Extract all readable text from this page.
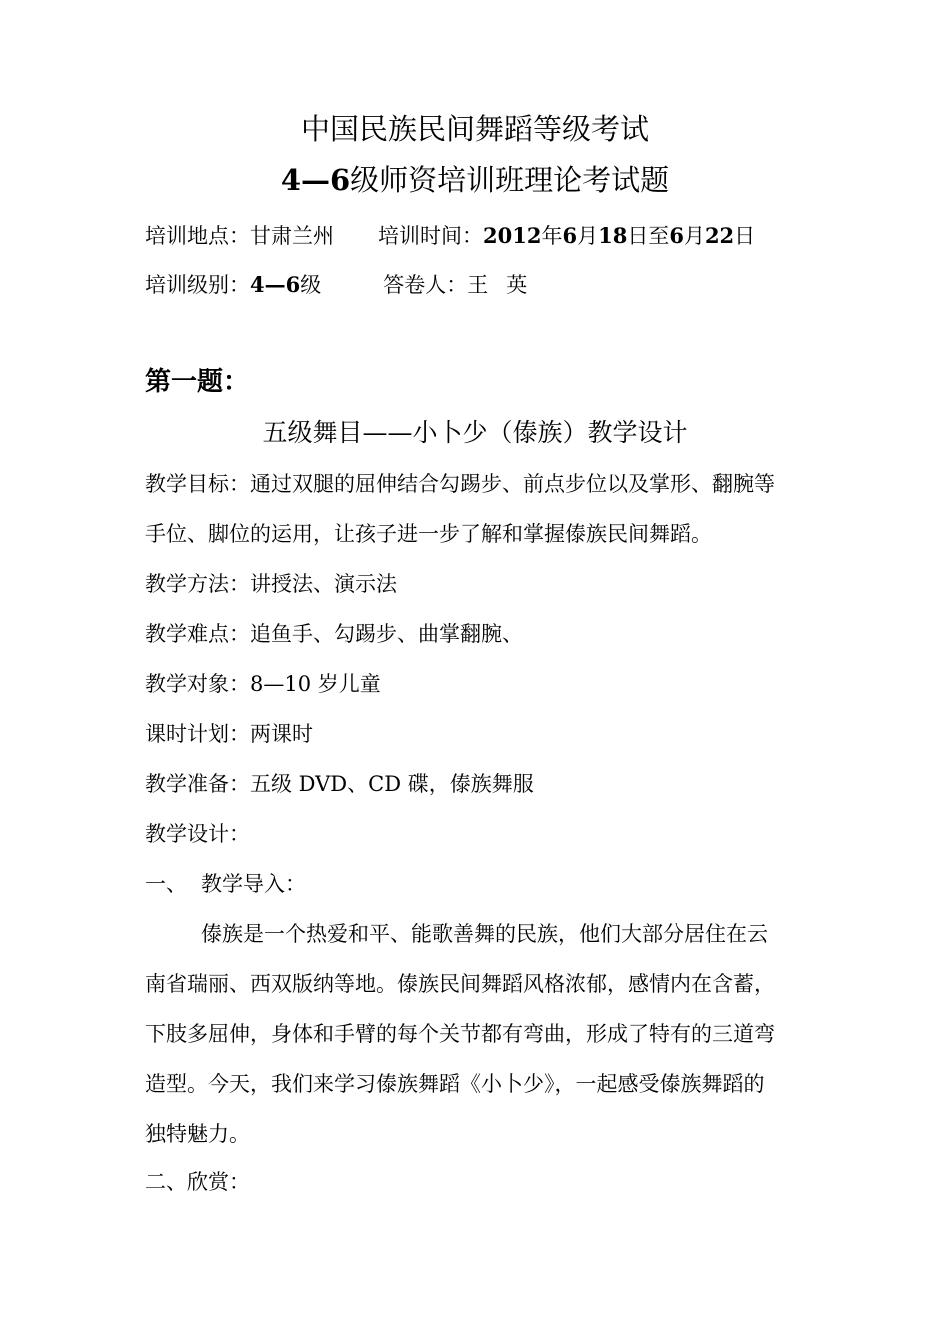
中国民族民间舞蹈等级考试
4—6级师资培训班理论考试题
培训地点：甘肃兰州 培训时间：2012年6月18日至6月22日
培训级别：4—6级	答卷人：王 英
第一题：
五级舞目——小卜少（傣族）教学设计
教学目标：通过双腿的屈伸结合勾踢步、前点步位以及掌形、翻腕等
手位、脚位的运用，让孩子进一步了解和掌握傣族民间舞蹈。
教学方法：讲授法、演示法
教学难点：追鱼手、勾踢步、曲掌翻腕、
教学对象：8—10 岁儿童
课时计划：两课时
教学准备：五级 DVD、CD 碟，傣族舞服
教学设计：
一、 教学导入：
傣族是一个热爱和平、能歌善舞的民族，他们大部分居住在云
南省瑞丽、西双版纳等地。傣族民间舞蹈风格浓郁，感情内在含蓄，
下肢多屈伸，身体和手臂的每个关节都有弯曲，形成了特有的三道弯
造型。今天，我们来学习傣族舞蹈《小卜少》，一起感受傣族舞蹈的
独特魅力。
二、欣赏：
